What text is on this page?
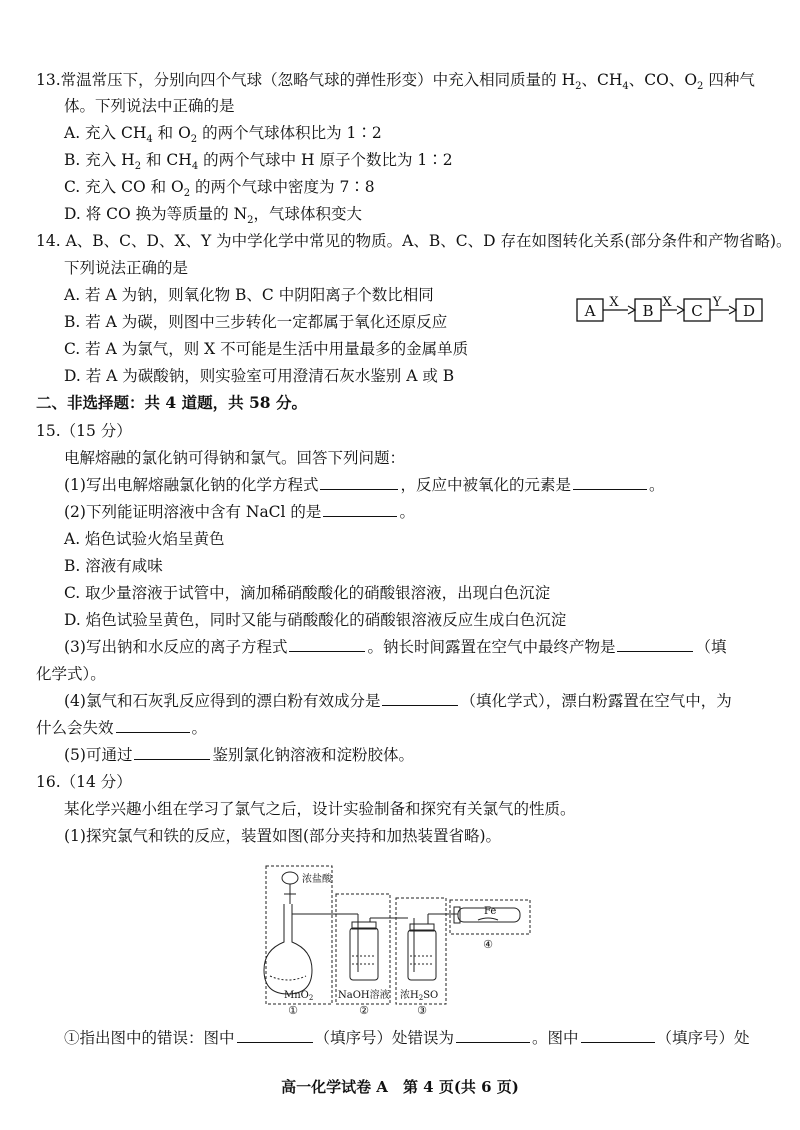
13.常温常压下，分别向四个气球（忽略气球的弹性形变）中充入相同质量的 $H_2$、$CH_4$、CO、$O_2$ 四种气
体。下列说法中正确的是
A. 充入 $CH_4$ 和 $O_2$ 的两个气球体积比为 1∶2
B. 充入 $H_2$ 和 $CH_4$ 的两个气球中 H 原子个数比为 1∶2
C. 充入 CO 和 $O_2$ 的两个气球中密度为 7∶8
D. 将 CO 换为等质量的 $N_2$，气球体积变大
14. A、B、C、D、X、Y 为中学化学中常见的物质。A、B、C、D 存在如图转化关系(部分条件和产物省略)。
下列说法正确的是
A. 若 A 为钠，则氧化物 B、C 中阴阳离子个数比相同
B. 若 A 为碳，则图中三步转化一定都属于氧化还原反应
C. 若 A 为氯气，则 X 不可能是生活中用量最多的金属单质
D. 若 A 为碳酸钠，则实验室可用澄清石灰水鉴别 A 或 B
A X B X C Y D
二、非选择题：共 4 道题，共 58 分。
15.（15 分）
电解熔融的氯化钠可得钠和氯气。回答下列问题：
(1)写出电解熔融氯化钠的化学方程式	，反应中被氧化的元素是	。
(2)下列能证明溶液中含有 NaCl 的是	。
A. 焰色试验火焰呈黄色
B. 溶液有咸味
C. 取少量溶液于试管中，滴加稀硝酸酸化的硝酸银溶液，出现白色沉淀
D. 焰色试验呈黄色，同时又能与硝酸酸化的硝酸银溶液反应生成白色沉淀
(3)写出钠和水反应的离子方程式	。钠长时间露置在空气中最终产物是	（填
化学式）。
(4)氯气和石灰乳反应得到的漂白粉有效成分是	（填化学式），漂白粉露置在空气中，为
什么会失效	。
(5)可通过	鉴别氯化钠溶液和淀粉胶体。
16.（14 分）
某化学兴趣小组在学习了氯气之后，设计实验制备和探究有关氯气的性质。
(1)探究氯气和铁的反应，装置如图(部分夹持和加热装置省略)。
浓盐酸
MnO$_2$ NaOH溶液 浓$H_2SO$
Fe
①	②	③
④
①指出图中的错误：图中	（填序号）处错误为	。图中	（填序号）处
高一化学试卷 A　第 4 页(共 6 页)
